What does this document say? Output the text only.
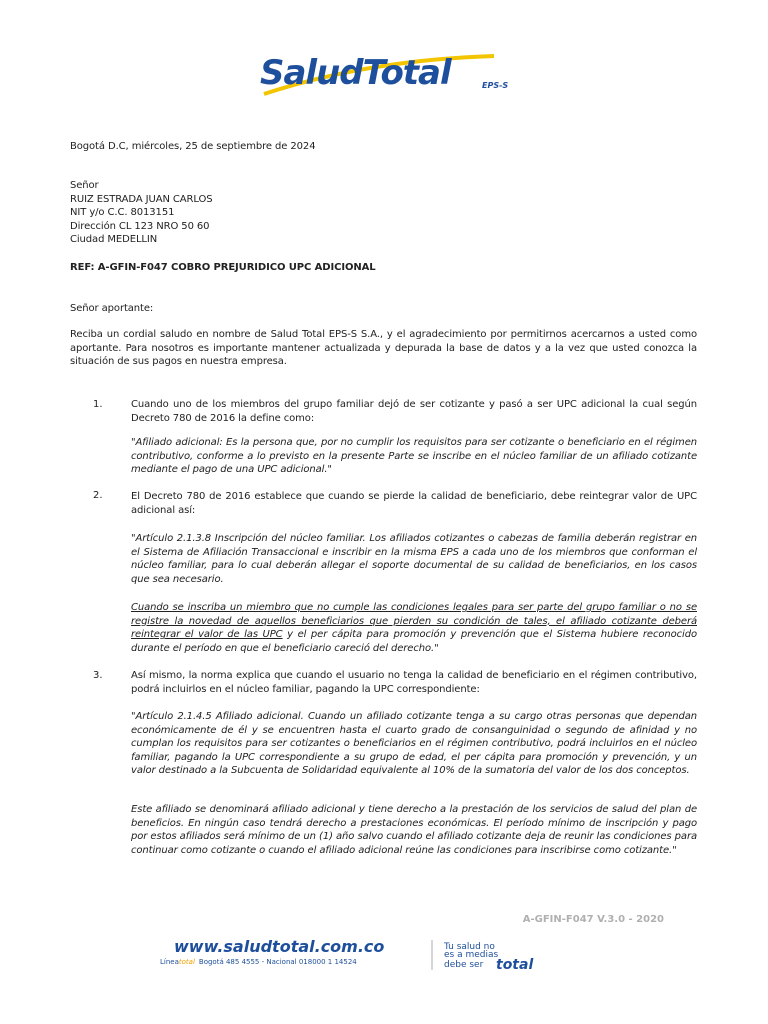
SaludTotal	EPS-S
Bogotá D.C, miércoles, 25 de septiembre de 2024
Señor
RUIZ ESTRADA JUAN CARLOS
NIT y/o C.C. 8013151
Dirección CL 123 NRO 50 60
Ciudad MEDELLIN
REF: A-GFIN-F047 COBRO PREJURIDICO UPC ADICIONAL
Señor aportante:
Reciba un cordial saludo en nombre de Salud Total EPS-S S.A., y el agradecimiento por permitirnos acercarnos a usted como aportante. Para nosotros es importante mantener actualizada y depurada la base de datos y a la vez que usted conozca la situación de sus pagos en nuestra empresa.
1.	Cuando uno de los miembros del grupo familiar dejó de ser cotizante y pasó a ser UPC adicional la cual según Decreto 780 de 2016 la define como:
"Afiliado adicional: Es la persona que, por no cumplir los requisitos para ser cotizante o beneficiario en el régimen contributivo, conforme a lo previsto en la presente Parte se inscribe en el núcleo familiar de un afiliado cotizante mediante el pago de una UPC adicional."
2.	El Decreto 780 de 2016 establece que cuando se pierde la calidad de beneficiario, debe reintegrar valor de UPC adicional así:
"Artículo 2.1.3.8 Inscripción del núcleo familiar. Los afiliados cotizantes o cabezas de familia deberán registrar en el Sistema de Afiliación Transaccional e inscribir en la misma EPS a cada uno de los miembros que conforman el núcleo familiar, para lo cual deberán allegar el soporte documental de su calidad de beneficiarios, en los casos que sea necesario.
Cuando se inscriba un miembro que no cumple las condiciones legales para ser parte del grupo familiar o no se registre la novedad de aquellos beneficiarios que pierden su condición de tales, el afiliado cotizante deberá reintegrar el valor de las UPC y el per cápita para promoción y prevención que el Sistema hubiere reconocido durante el período en que el beneficiario careció del derecho."
3.	Así mismo, la norma explica que cuando el usuario no tenga la calidad de beneficiario en el régimen contributivo, podrá incluirlos en el núcleo familiar, pagando la UPC correspondiente:
"Artículo 2.1.4.5 Afiliado adicional. Cuando un afiliado cotizante tenga a su cargo otras personas que dependan económicamente de él y se encuentren hasta el cuarto grado de consanguinidad o segundo de afinidad y no cumplan los requisitos para ser cotizantes o beneficiarios en el régimen contributivo, podrá incluirlos en el núcleo familiar, pagando la UPC correspondiente a su grupo de edad, el per cápita para promoción y prevención, y un valor destinado a la Subcuenta de Solidaridad equivalente al 10% de la sumatoria del valor de los dos conceptos.
Este afiliado se denominará afiliado adicional y tiene derecho a la prestación de los servicios de salud del plan de beneficios. En ningún caso tendrá derecho a prestaciones económicas. El período mínimo de inscripción y pago por estos afiliados será mínimo de un (1) año salvo cuando el afiliado cotizante deja de reunir las condiciones para continuar como cotizante o cuando el afiliado adicional reúne las condiciones para inscribirse como cotizante."
A-GFIN-F047 V.3.0 - 2020
www.saludtotal.com.co
Líneatotal Bogotá 485 4555 - Nacional 018000 1 14524
Tu salud no
es a medias
debe ser total
